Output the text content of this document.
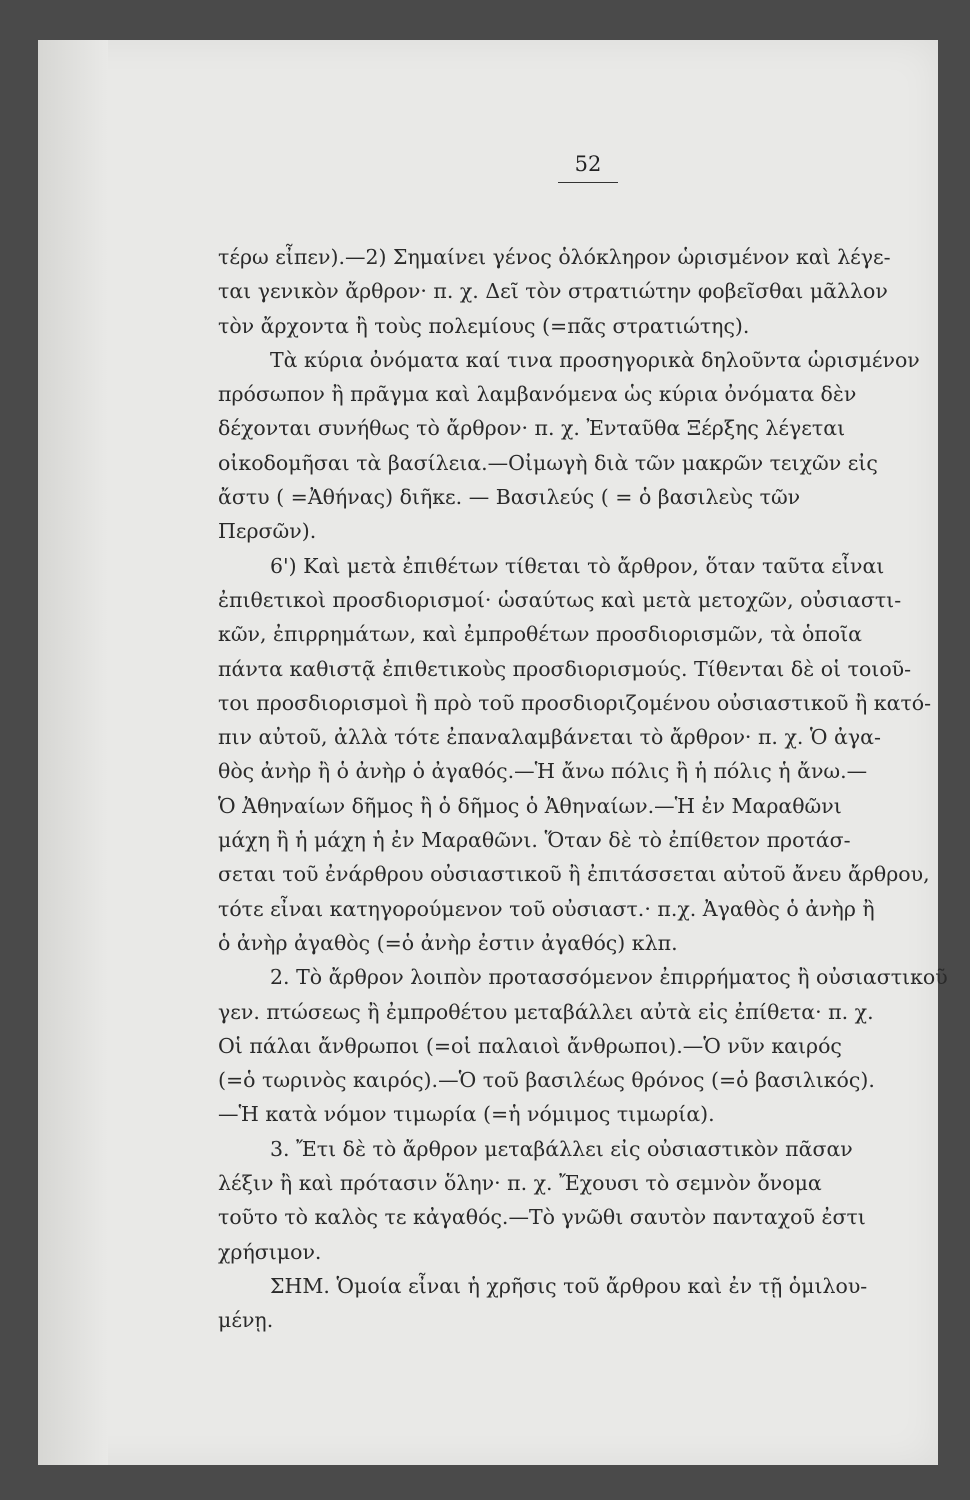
52

τέρω εἶπεν).—2) Σημαίνει γένος ὁλόκληρον ὡρισμένον καὶ λέγε-
ται γενικὸν ἄρθρον· π. χ. Δεῖ τὸν στρατιώτην φοβεῖσθαι μᾶλλον
τὸν ἄρχοντα ἢ τοὺς πολεμίους (=πᾶς στρατιώτης).
Τὰ κύρια ὀνόματα καί τινα προσηγορικὰ δηλοῦντα ὡρισμένον
πρόσωπον ἢ πρᾶγμα καὶ λαμβανόμενα ὡς κύρια ὀνόματα δὲν
δέχονται συνήθως τὸ ἄρθρον· π. χ. Ἐνταῦθα Ξέρξης λέγεται
οἰκοδομῆσαι τὰ βασίλεια.—Οἰμωγὴ διὰ τῶν μακρῶν τειχῶν εἰς
ἄστυ ( =Ἀθήνας) διῆκε. — Βασιλεύς ( = ὁ βασιλεὺς τῶν
Περσῶν).
6') Καὶ μετὰ ἐπιθέτων τίθεται τὸ ἄρθρον, ὅταν ταῦτα εἶναι
ἐπιθετικοὶ προσδιορισμοί· ὡσαύτως καὶ μετὰ μετοχῶν, οὐσιαστι-
κῶν, ἐπιρρημάτων, καὶ ἐμπροθέτων προσδιορισμῶν, τὰ ὁποῖα
πάντα καθιστᾷ ἐπιθετικοὺς προσδιορισμούς. Τίθενται δὲ οἱ τοιοῦ-
τοι προσδιορισμοὶ ἢ πρὸ τοῦ προσδιοριζομένου οὐσιαστικοῦ ἢ κατό-
πιν αὐτοῦ, ἀλλὰ τότε ἐπαναλαμβάνεται τὸ ἄρθρον· π. χ. Ὁ ἀγα-
θὸς ἀνὴρ ἢ ὁ ἀνὴρ ὁ ἀγαθός.—Ἡ ἄνω πόλις ἢ ἡ πόλις ἡ ἄνω.—
Ὁ Ἀθηναίων δῆμος ἢ ὁ δῆμος ὁ Ἀθηναίων.—Ἡ ἐν Μαραθῶνι
μάχη ἢ ἡ μάχη ἡ ἐν Μαραθῶνι. Ὅταν δὲ τὸ ἐπίθετον προτάσ-
σεται τοῦ ἐνάρθρου οὐσιαστικοῦ ἢ ἐπιτάσσεται αὐτοῦ ἄνευ ἄρθρου,
τότε εἶναι κατηγορούμενον τοῦ οὐσιαστ.· π.χ. Ἀγαθὸς ὁ ἀνὴρ ἢ
ὁ ἀνὴρ ἀγαθὸς (=ὁ ἀνὴρ ἐστιν ἀγαθός) κλπ.
2. Τὸ ἄρθρον λοιπὸν προτασσόμενον ἐπιρρήματος ἢ οὐσιαστικοῦ
γεν. πτώσεως ἢ ἐμπροθέτου μεταβάλλει αὐτὰ εἰς ἐπίθετα· π. χ.
Οἱ πάλαι ἄνθρωποι (=οἱ παλαιοὶ ἄνθρωποι).—Ὁ νῦν καιρός
(=ὁ τωρινὸς καιρός).—Ὁ τοῦ βασιλέως θρόνος (=ὁ βασιλικός).
—Ἡ κατὰ νόμον τιμωρία (=ἡ νόμιμος τιμωρία).
3. Ἔτι δὲ τὸ ἄρθρον μεταβάλλει εἰς οὐσιαστικὸν πᾶσαν
λέξιν ἢ καὶ πρότασιν ὅλην· π. χ. Ἔχουσι τὸ σεμνὸν ὄνομα
τοῦτο τὸ καλὸς τε κἀγαθός.—Τὸ γνῶθι σαυτὸν πανταχοῦ ἐστι
χρήσιμον.
ΣΗΜ. Ὁμοία εἶναι ἡ χρῆσις τοῦ ἄρθρου καὶ ἐν τῇ ὁμιλου-
μένῃ.
